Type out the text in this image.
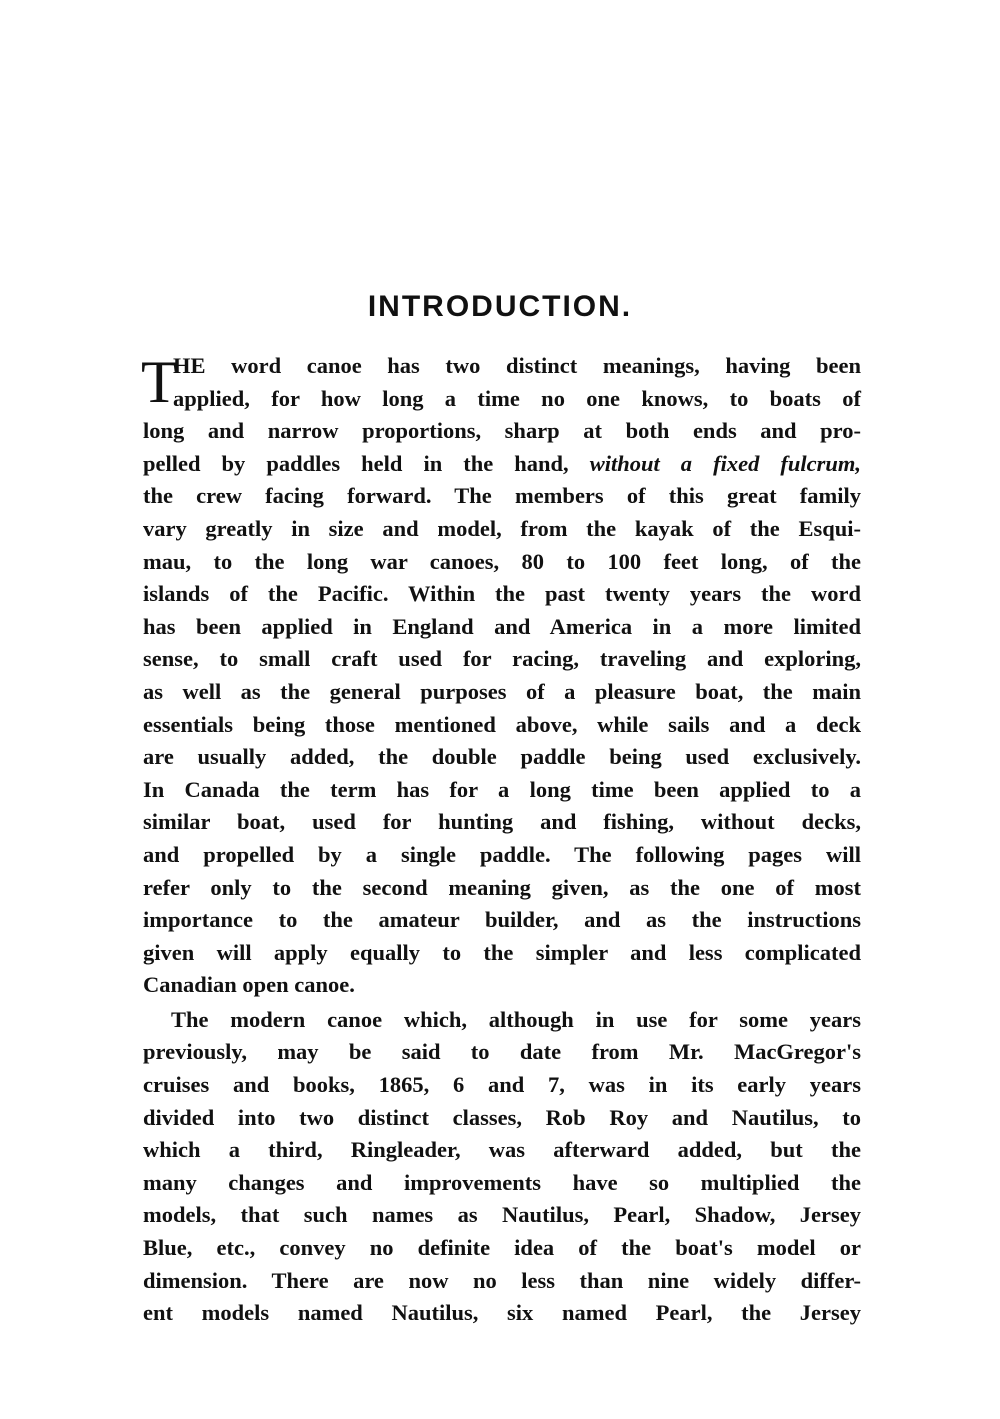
INTRODUCTION.
T
HE word canoe has two distinct meanings, having been
applied, for how long a time no one knows, to boats of
long and narrow proportions, sharp at both ends and pro-
pelled by paddles held in the hand, without a fixed fulcrum,
the crew facing forward. The members of this great family
vary greatly in size and model, from the kayak of the Esqui-
mau, to the long war canoes, 80 to 100 feet long, of the
islands of the Pacific. Within the past twenty years the word
has been applied in England and America in a more limited
sense, to small craft used for racing, traveling and exploring,
as well as the general purposes of a pleasure boat, the main
essentials being those mentioned above, while sails and a deck
are usually added, the double paddle being used exclusively.
In Canada the term has for a long time been applied to a
similar boat, used for hunting and fishing, without decks,
and propelled by a single paddle. The following pages will
refer only to the second meaning given, as the one of most
importance to the amateur builder, and as the instructions
given will apply equally to the simpler and less complicated
Canadian open canoe.
The modern canoe which, although in use for some years
previously, may be said to date from Mr. MacGregor's
cruises and books, 1865, 6 and 7, was in its early years
divided into two distinct classes, Rob Roy and Nautilus, to
which a third, Ringleader, was afterward added, but the
many changes and improvements have so multiplied the
models, that such names as Nautilus, Pearl, Shadow, Jersey
Blue, etc., convey no definite idea of the boat's model or
dimension. There are now no less than nine widely differ-
ent models named Nautilus, six named Pearl, the Jersey
